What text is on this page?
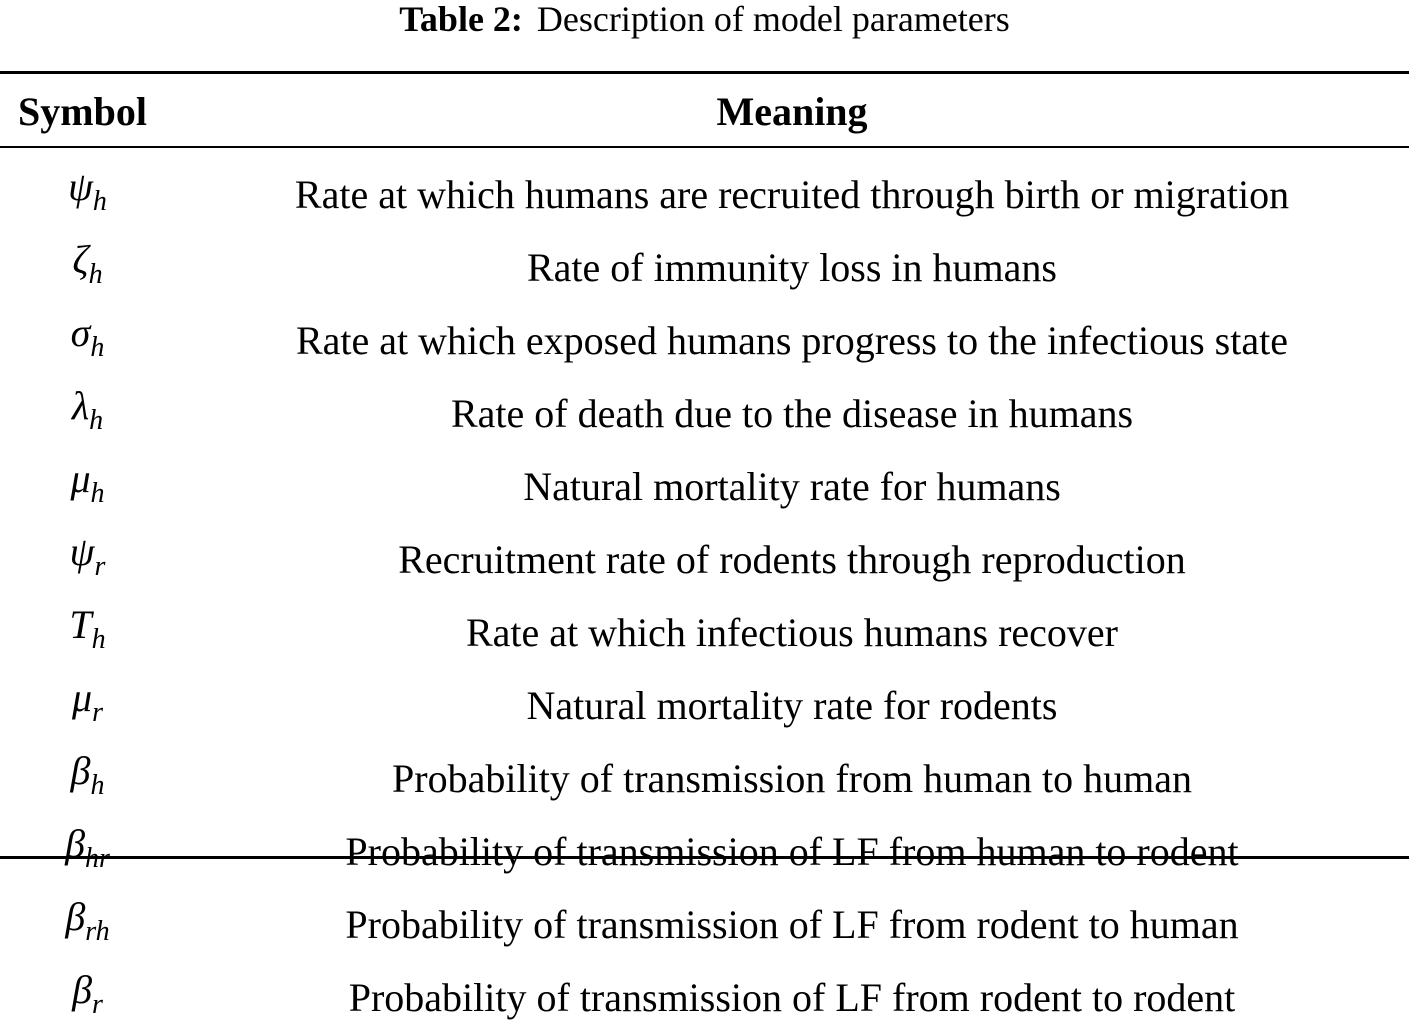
Table 2: Description of model parameters
Symbol	Meaning
$\psi_h$	Rate at which humans are recruited through birth or migration
$\zeta_h$	Rate of immunity loss in humans
$\sigma_h$	Rate at which exposed humans progress to the infectious state
$\lambda_h$	Rate of death due to the disease in humans
$\mu_h$	Natural mortality rate for humans
$\psi_r$	Recruitment rate of rodents through reproduction
$T_h$	Rate at which infectious humans recover
$\mu_r$	Natural mortality rate for rodents
$\beta_h$	Probability of transmission from human to human
$\beta_{hr}$	Probability of transmission of LF from human to rodent
$\beta_{rh}$	Probability of transmission of LF from rodent to human
$\beta_r$	Probability of transmission of LF from rodent to rodent
